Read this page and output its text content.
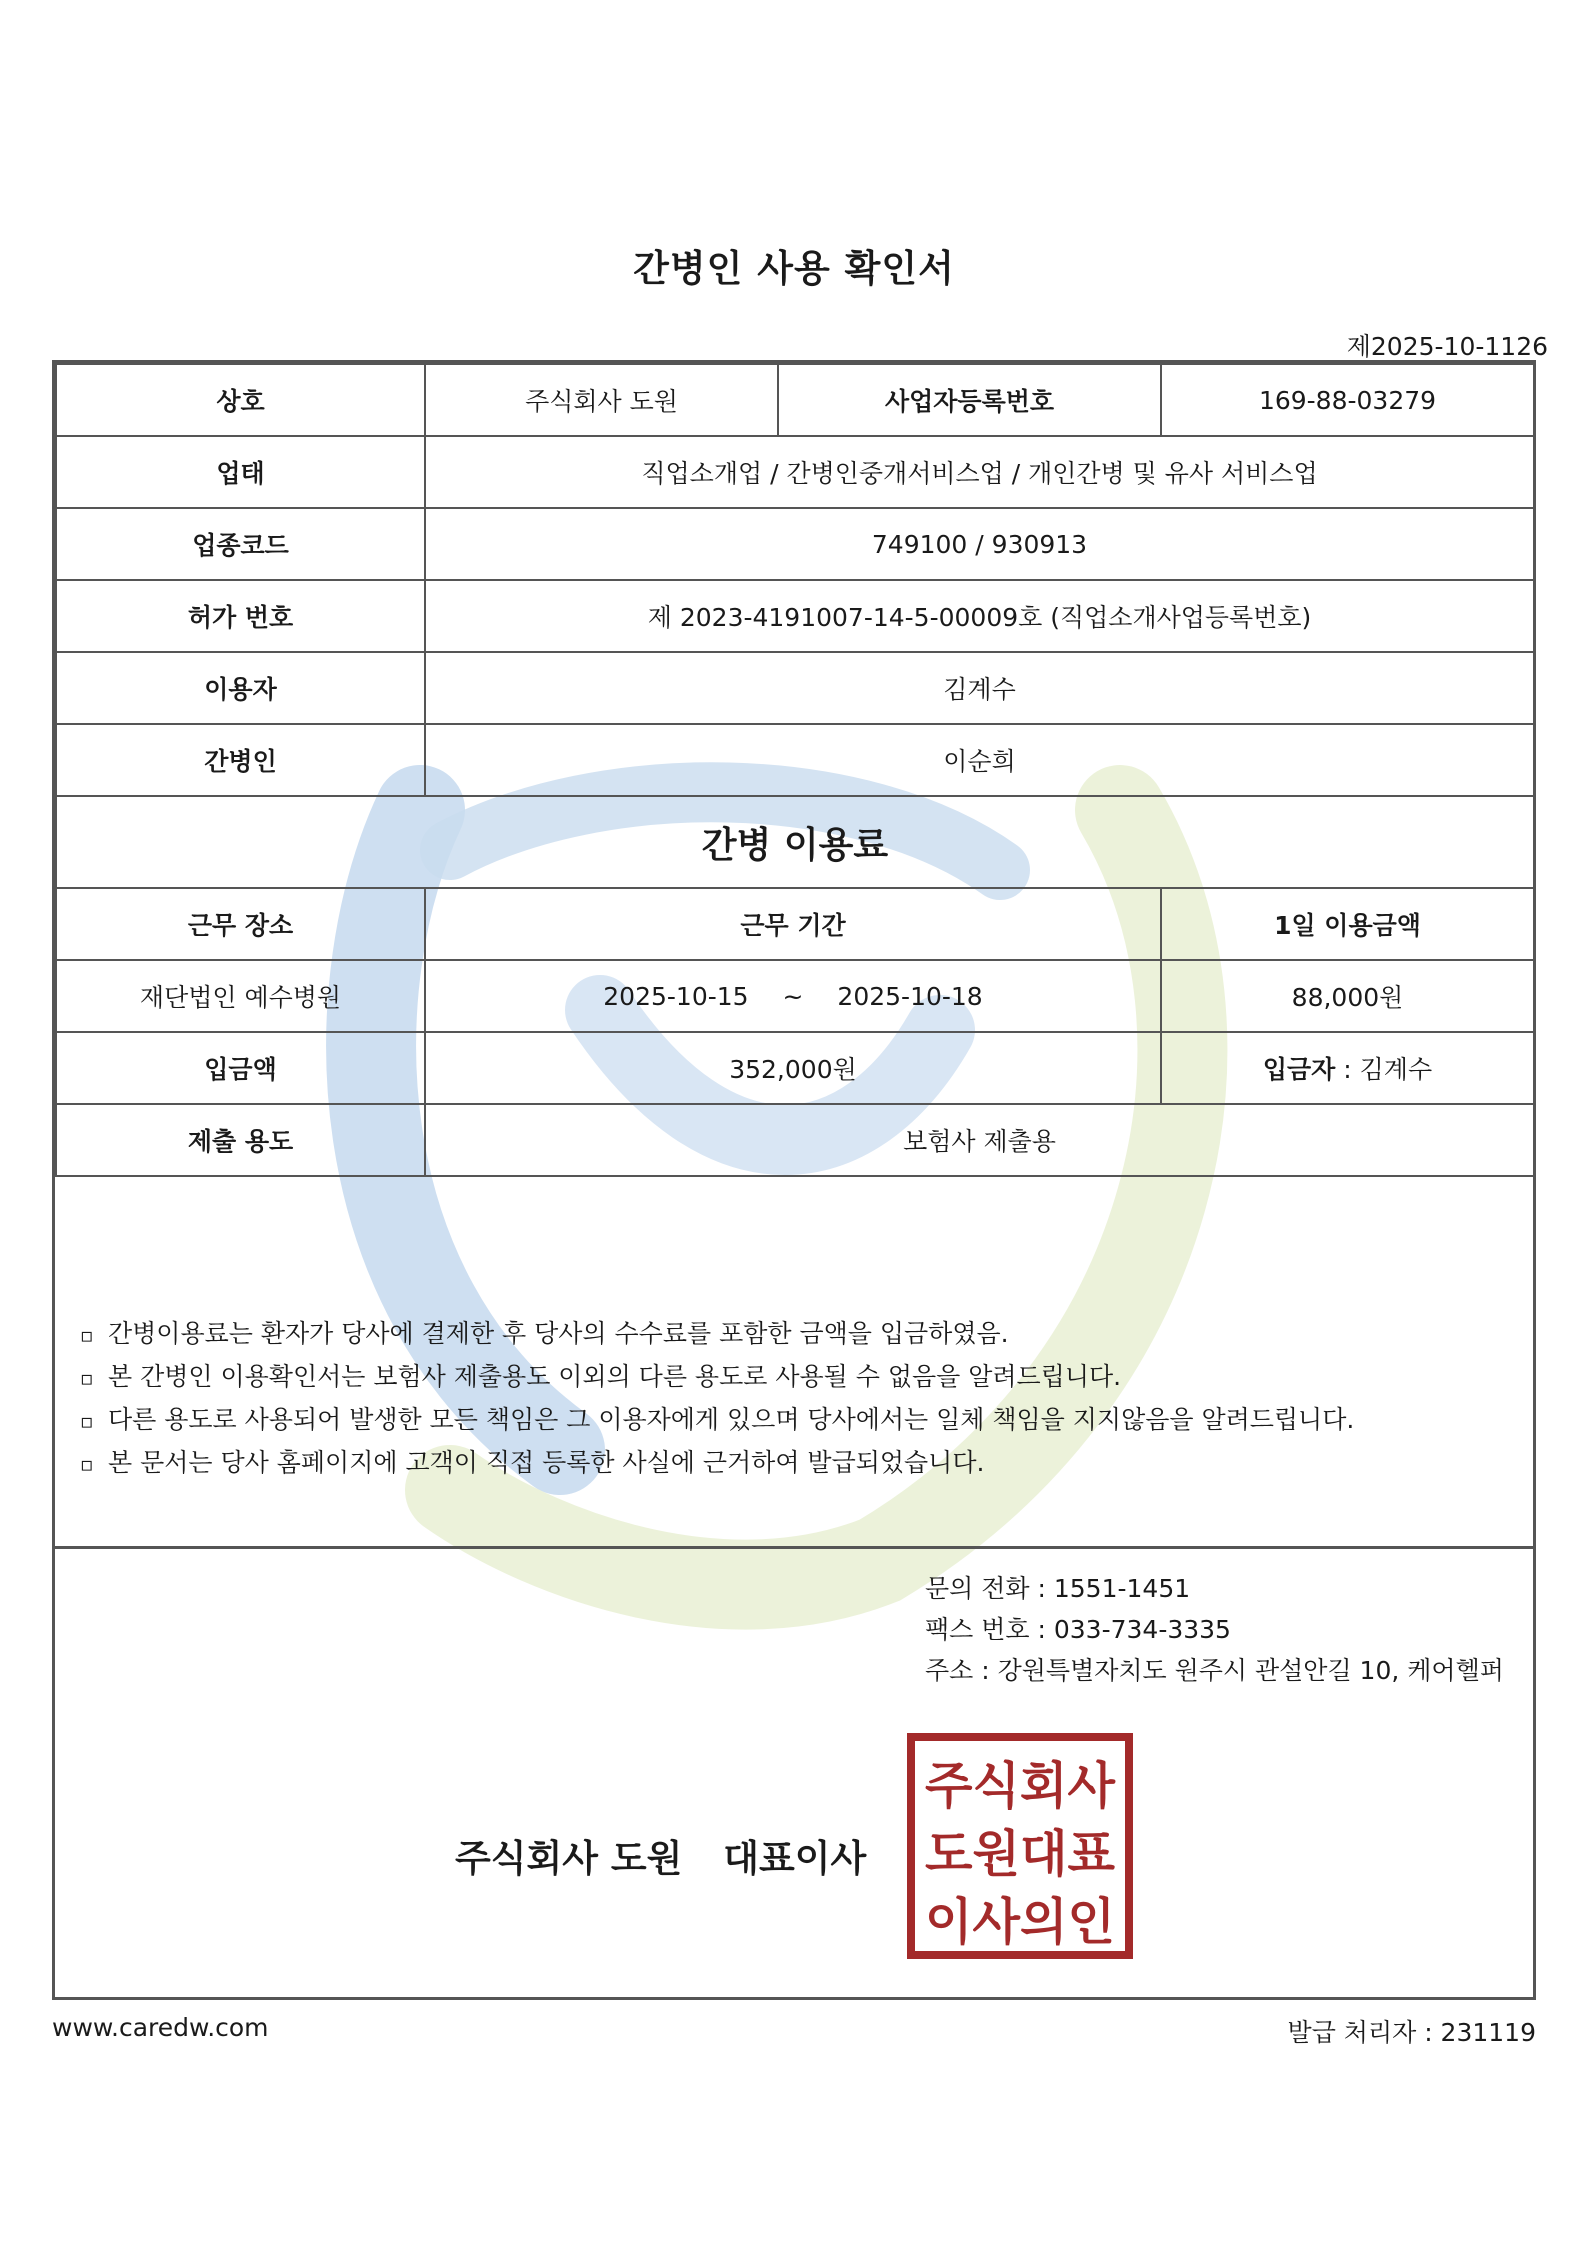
간병인 사용 확인서
제2025-10-1126
상호	주식회사 도원	사업자등록번호	169-88-03279
업태	직업소개업 / 간병인중개서비스업 / 개인간병 및 유사 서비스업		
업종코드	749100 / 930913		
허가 번호	제 2023-4191007-14-5-00009호 (직업소개사업등록번호)		
이용자	김계수		
간병인	이순희		
간병 이용료			
근무 장소	근무 기간		1일 이용금액
재단법인 예수병원	2025-10-15 ~ 2025-10-18		88,000원
입금액	352,000원		입금자 : 김계수
제출 용도	보험사 제출용		
▫ 간병이용료는 환자가 당사에 결제한 후 당사의 수수료를 포함한 금액을 입금하였음.
▫ 본 간병인 이용확인서는 보험사 제출용도 이외의 다른 용도로 사용될 수 없음을 알려드립니다.
▫ 다른 용도로 사용되어 발생한 모든 책임은 그 이용자에게 있으며 당사에서는 일체 책임을 지지않음을 알려드립니다.
▫ 본 문서는 당사 홈페이지에 고객이 직접 등록한 사실에 근거하여 발급되었습니다.
문의 전화 : 1551-1451
팩스 번호 : 033-734-3335
주소 : 강원특별자치도 원주시 관설안길 10, 케어헬퍼
주식회사 도원 대표이사
주식회사
도원대표
이사의인
www.caredw.com	발급 처리자 : 231119
